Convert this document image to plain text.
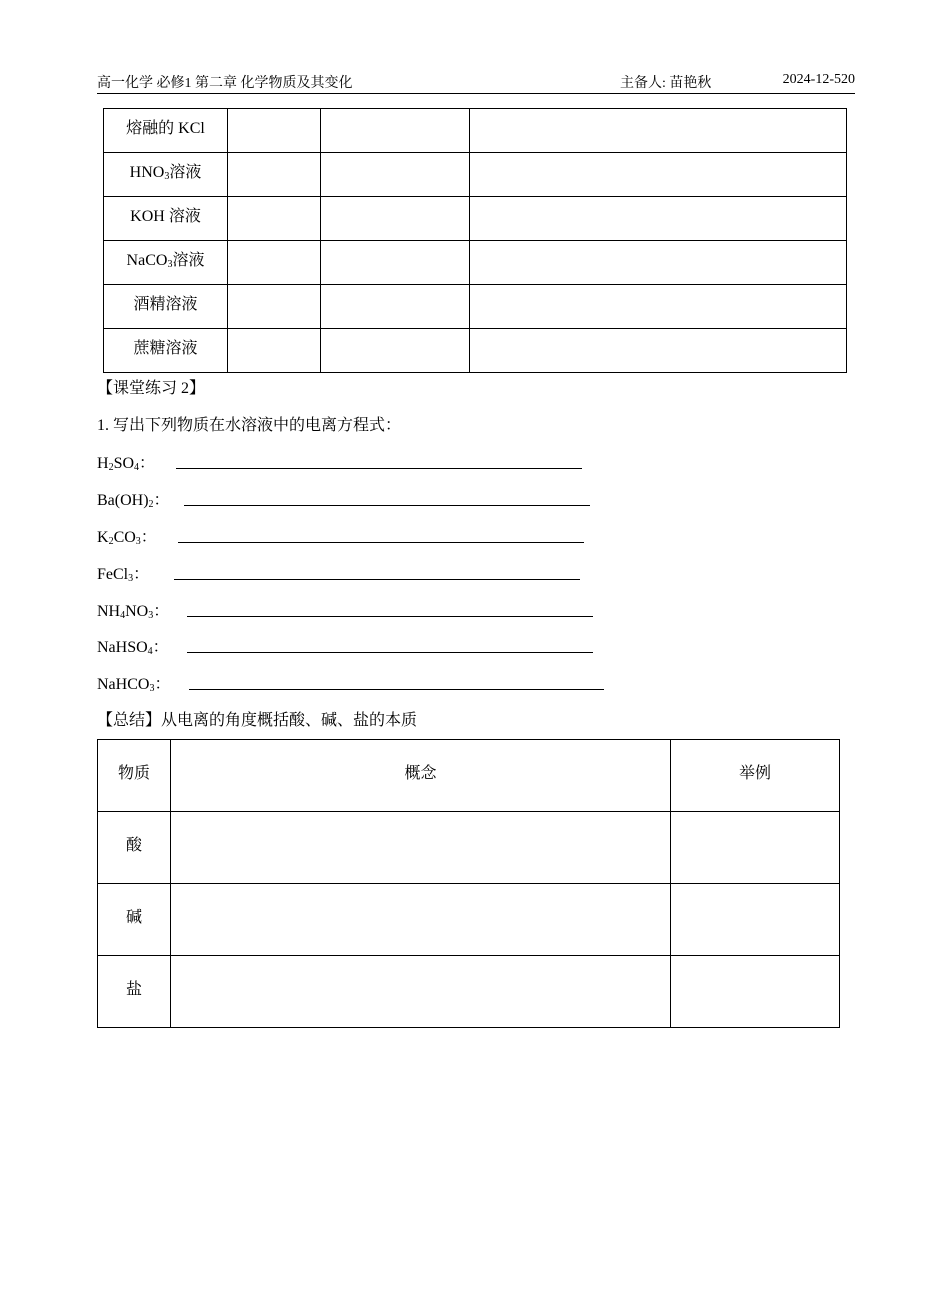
高一化学 必修1 第二章 化学物质及其变化	主备人: 苗艳秋	2024-12-520
熔融的 KCl			
$HNO_3$溶液			
KOH 溶液			
NaCO$_3$溶液			
酒精溶液			
蔗糖溶液			
【课堂练习 2】
1. 写出下列物质在水溶液中的电离方程式：
$H_2SO_4$：
$Ba(OH)_2$：
$K_2CO_3$：
FeCl$_3$：
$NH_4NO_3$：
NaHSO$_4$：
NaHCO$_3$：
【总结】从电离的角度概括酸、碱、盐的本质
物质	概念	举例
酸		
碱		
盐		
